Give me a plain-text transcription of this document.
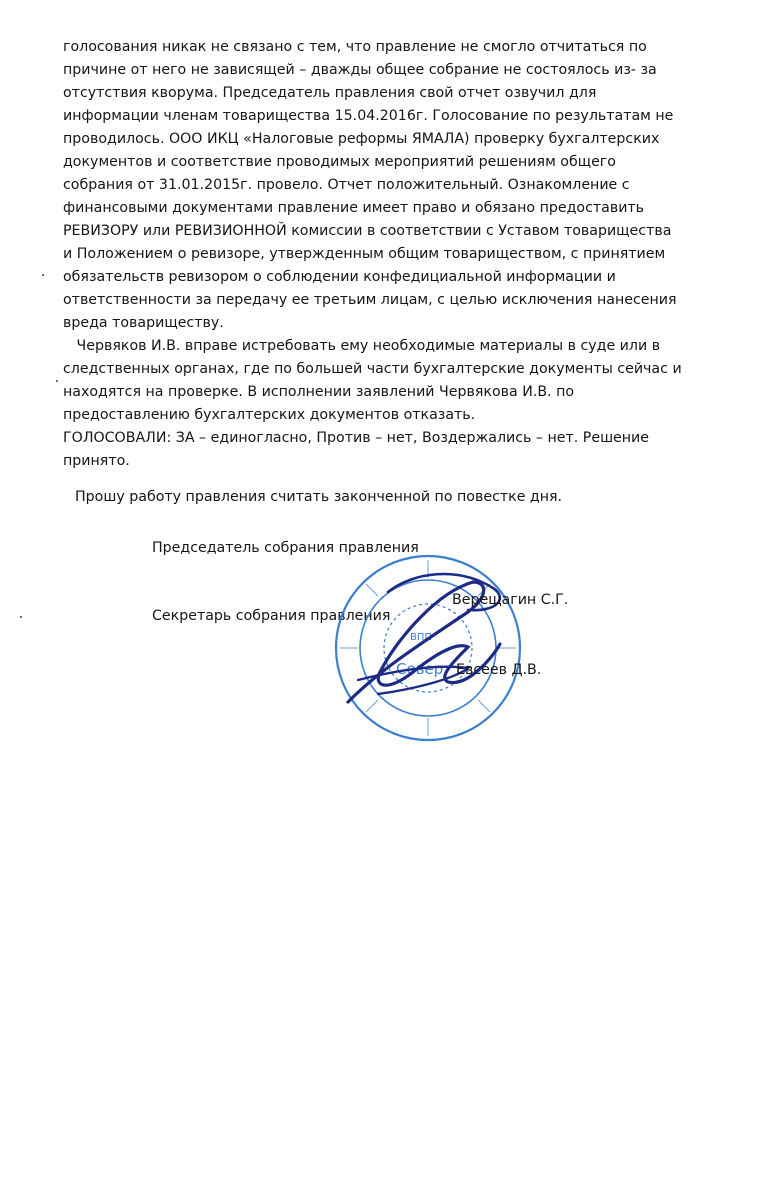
голосования никак не связано с тем, что правление не смогло отчитаться по
причине от него не зависящей – дважды общее собрание не состоялось из- за
отсутствия кворума. Председатель правления свой отчет озвучил для
информации членам товарищества 15.04.2016г. Голосование по результатам не
проводилось. ООО ИКЦ «Налоговые реформы ЯМАЛА) проверку бухгалтерских
документов и соответствие проводимых мероприятий решениям общего
собрания от 31.01.2015г. провело. Отчет положительный. Ознакомление с
финансовыми документами правление имеет право и обязано предоставить
РЕВИЗОРУ или РЕВИЗИОННОЙ комиссии в соответствии с Уставом товарищества
и Положением о ревизоре, утвержденным общим товариществом, с принятием
обязательств ревизором о соблюдении конфедициальной информации и
ответственности за передачу ее третьим лицам, с целью исключения нанесения
вреда товариществу.
Червяков И.В. вправе истребовать ему необходимые материалы в суде или в
следственных органах, где по большей части бухгалтерские документы сейчас и
находятся на проверке. В исполнении заявлений Червякова И.В. по
предоставлению бухгалтерских документов отказать.
ГОЛОСОВАЛИ: ЗА – единогласно, Против – нет, Воздержались – нет. Решение
принято.
Прошу работу правления считать законченной по повестке дня.
Председатель собрания правления
Секретарь собрания правления
ВПП
Север
Верещагин С.Г.
Евсеев Д.В.
